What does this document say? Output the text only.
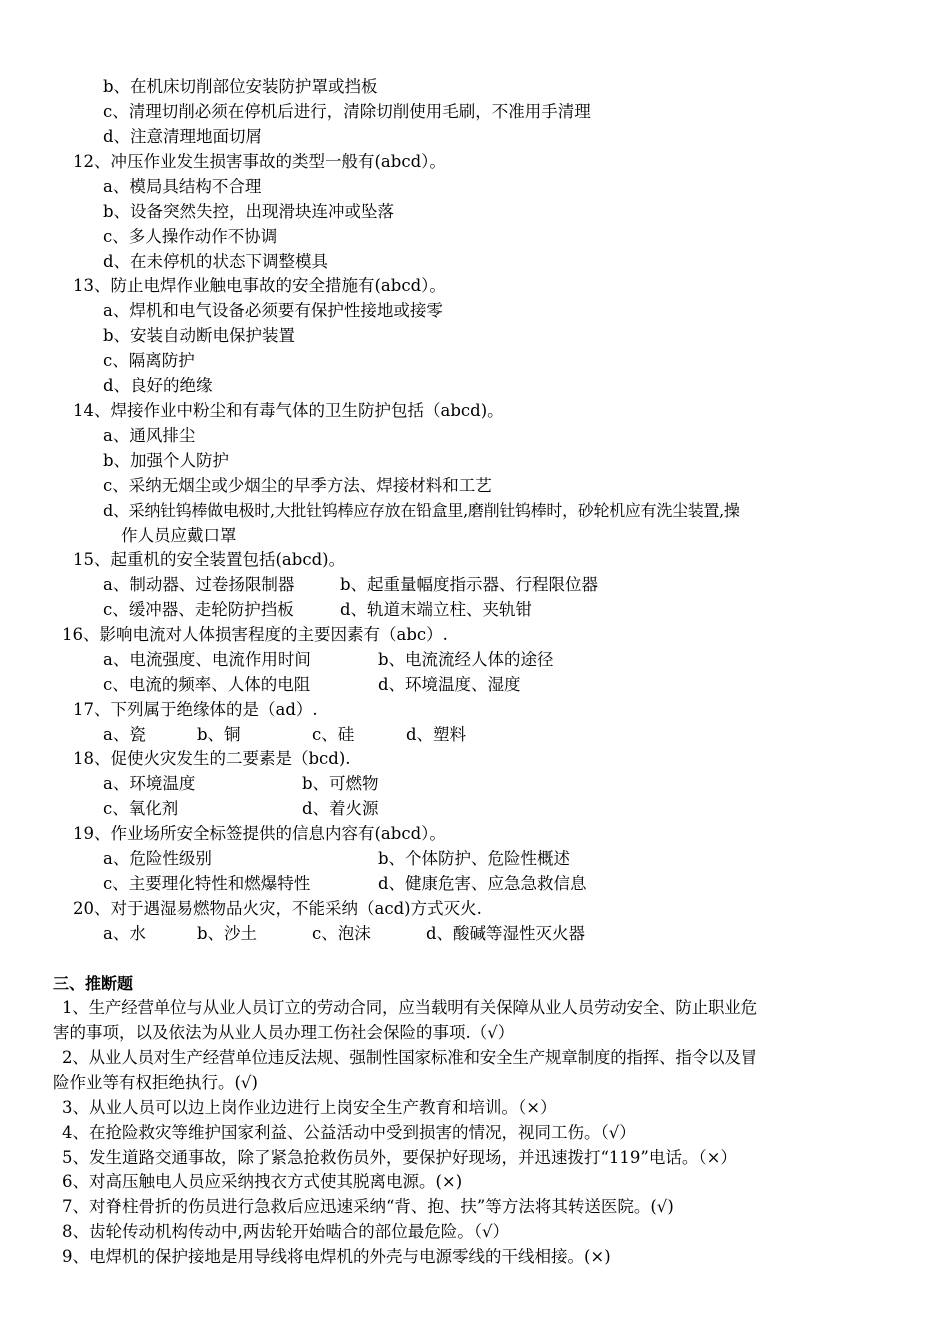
b、在机床切削部位安装防护罩或挡板
c、清理切削必须在停机后进行，清除切削使用毛刷，不准用手清理
d、注意清理地面切屑
12、冲压作业发生损害事故的类型一般有(abcd）。
a、模局具结构不合理
b、设备突然失控，出现滑块连冲或坠落
c、多人操作动作不协调
d、在未停机的状态下调整模具
13、防止电焊作业触电事故的安全措施有(abcd）。
a、焊机和电气设备必须要有保护性接地或接零
b、安装自动断电保护装置
c、隔离防护
d、良好的绝缘
14、焊接作业中粉尘和有毒气体的卫生防护包括（abcd)。
a、通风排尘
b、加强个人防护
c、采纳无烟尘或少烟尘的早季方法、焊接材料和工艺
d、采纳钍钨棒做电极时,大批钍钨棒应存放在铅盒里,磨削钍钨棒时，砂轮机应有洗尘装置,操
作人员应戴口罩
15、起重机的安全装置包括(abcd)。
a、制动器、过卷扬限制器	b、起重量幅度指示器、行程限位器
c、缓冲器、走轮防护挡板	d、轨道末端立柱、夹轨钳
16、影响电流对人体损害程度的主要因素有（abc）.
a、电流强度、电流作用时间	b、电流流经人体的途径
c、电流的频率、人体的电阻	d、环境温度、湿度
17、下列属于绝缘体的是（ad）.
a、瓷	b、铜	c、硅	d、塑料
18、促使火灾发生的二要素是（bcd).
a、环境温度	b、可燃物
c、氧化剂	d、着火源
19、作业场所安全标签提供的信息内容有(abcd）。
a、危险性级别	b、个体防护、危险性概述
c、主要理化特性和燃爆特性	d、健康危害、应急急救信息
20、对于遇湿易燃物品火灾，不能采纳（acd)方式灭火.
a、水	b、沙土	c、泡沫	d、酸碱等湿性灭火器
三、推断题
1、生产经营单位与从业人员订立的劳动合同，应当载明有关保障从业人员劳动安全、防止职业危
害的事项，以及依法为从业人员办理工伤社会保险的事项.（√）
2、从业人员对生产经营单位违反法规、强制性国家标准和安全生产规章制度的指挥、指令以及冒
险作业等有权拒绝执行。(√)
3、从业人员可以边上岗作业边进行上岗安全生产教育和培训。（×）
4、在抢险救灾等维护国家利益、公益活动中受到损害的情况，视同工伤。（√）
5、发生道路交通事故，除了紧急抢救伤员外，要保护好现场，并迅速拨打“119”电话。（×）
6、对高压触电人员应采纳拽衣方式使其脱离电源。(×)
7、对脊柱骨折的伤员进行急救后应迅速采纳“背、抱、扶”等方法将其转送医院。(√)
8、齿轮传动机构传动中,两齿轮开始啮合的部位最危险。（√）
9、电焊机的保护接地是用导线将电焊机的外壳与电源零线的干线相接。(×)
